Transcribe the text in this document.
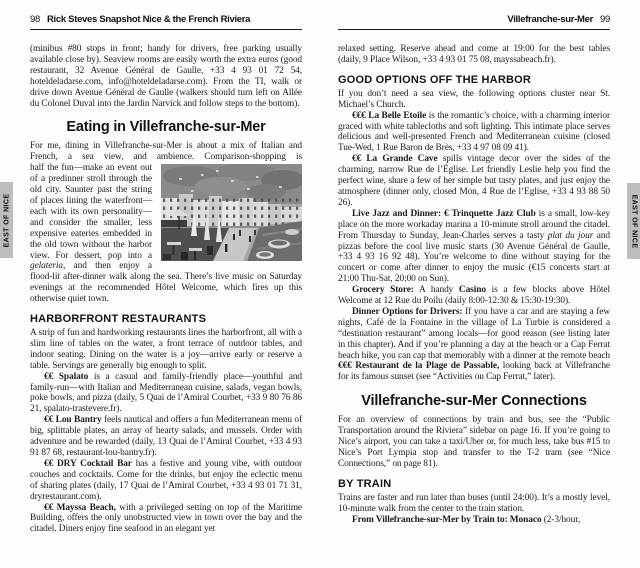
98 Rick Steves Snapshot Nice & the French Riviera

(minibus #80 stops in front; handy for drivers, free parking usually available close by). Seaview rooms are easily worth the extra euros (good restaurant, 32 Avenue Général de Gaulle, +33 4 93 01 72 54, hoteldeladarse.com, info@hoteldeladarse.com). From the TI, walk or drive down Avenue Général de Gaulle (walkers should turn left on Allée du Colonel Duval into the Jardin Narvick and follow steps to the bottom).

Eating in Villefranche-sur-Mer

For me, dining in Villefranche-sur-Mer is about a mix of Italian and French, a sea view, and ambience. Comparison-shopping is

half the fun—make an event out of a predinner stroll through the old city. Saunter past the string of places lining the waterfront—each with its own personality—and consider the smaller, less expensive eateries embedded in the old town without the harbor view. For dessert, pop into a gelateria, and then enjoy a flood-lit after-dinner walk along the sea. There’s live music on Saturday evenings at the recommended Hôtel Welcome, which fires up this otherwise quiet town.

HARBORFRONT RESTAURANTS

A strip of fun and hardworking restaurants lines the harborfront, all with a slim line of tables on the water, a front terrace of outdoor tables, and indoor seating. Dining on the water is a joy—arrive early or reserve a table. Servings are generally big enough to split.

€€ Spalato is a casual and family-friendly place—youthful and family-run—with Italian and Mediterranean cuisine, salads, vegan bowls, poke bowls, and pizza (daily, 5 Quai de l’Amiral Courbet, +33 9 80 76 86 21, spalato-trastevere.fr).

€€ Lou Bantry feels nautical and offers a fun Mediterranean menu of big, splittable plates, an array of hearty salads, and mussels. Order with adventure and be rewarded (daily, 13 Quai de l’Amiral Courbet, +33 4 93 91 87 68, restaurant-lou-bantry.fr).

€€ DRY Cocktail Bar has a festive and young vibe, with outdoor couches and cocktails. Come for the drinks, but enjoy the eclectic menu of sharing plates (daily, 17 Quai de l’Amiral Courbet, +33 4 93 01 71 31, dryrestaurant.com).

€€ Mayssa Beach, with a privileged setting on top of the Maritime Building, offers the only unobstructed view in town over the bay and the citadel. Diners enjoy fine seafood in an elegant yet

Villefranche-sur-Mer 99

relaxed setting. Reserve ahead and come at 19:00 for the best tables (daily, 9 Place Wilson, +33 4 93 01 75 08, mayssabeach.fr).

GOOD OPTIONS OFF THE HARBOR

If you don’t need a sea view, the following options cluster near St. Michael’s Church.

€€€ La Belle Etoile is the romantic’s choice, with a charming interior graced with white tablecloths and soft lighting. This intimate place serves delicious and well-presented French and Mediterranean cuisine (closed Tue-Wed, 1 Rue Baron de Brès, +33 4 97 08 09 41).

€€ La Grande Cave spills vintage decor over the sides of the charming, narrow Rue de l’Église. Let friendly Leslie help you find the perfect wine, share a few of her simple but tasty plates, and just enjoy the atmosphere (dinner only, closed Mon, 4 Rue de l’Eglise, +33 4 93 88 50 26).

Live Jazz and Dinner: € Trinquette Jazz Club is a small, low-key place on the more workaday marina a 10-minute stroll around the citadel. From Thursday to Sunday, Jean-Charles serves a tasty plat du jour and pizzas before the cool live music starts (30 Avenue Général de Gaulle, +33 4 93 16 92 48). You’re welcome to dine without staying for the concert or come after dinner to enjoy the music (€15 concerts start at 21:00 Thu-Sat, 20:00 on Sun).

Grocery Store: A handy Casino is a few blocks above Hôtel Welcome at 12 Rue du Poilu (daily 8:00-12:30 & 15:30-19:30).

Dinner Options for Drivers: If you have a car and are staying a few nights, Café de la Fontaine in the village of La Turbie is considered a “destination restaurant” among locals—for good reason (see listing later in this chapter). And if you’re planning a day at the beach or a Cap Ferrat beach hike, you can cap that memorably with a dinner at the remote beach €€€ Restaurant de la Plage de Passable, looking back at Villefranche for its famous sunset (see “Activities on Cap Ferrat,” later).

Villefranche-sur-Mer Connections

For an overview of connections by train and bus, see the “Public Transportation around the Riviera” sidebar on page 16. If you’re going to Nice’s airport, you can take a taxi/Uber or, for much less, take bus #15 to Nice’s Port Lympia stop and transfer to the T-2 tram (see “Nice Connections,” on page 81).

BY TRAIN

Trains are faster and run later than buses (until 24:00). It’s a mostly level, 10-minute walk from the center to the train station.

From Villefranche-sur-Mer by Train to: Monaco (2-3/hour,

EAST OF NICE	EAST OF NICE
